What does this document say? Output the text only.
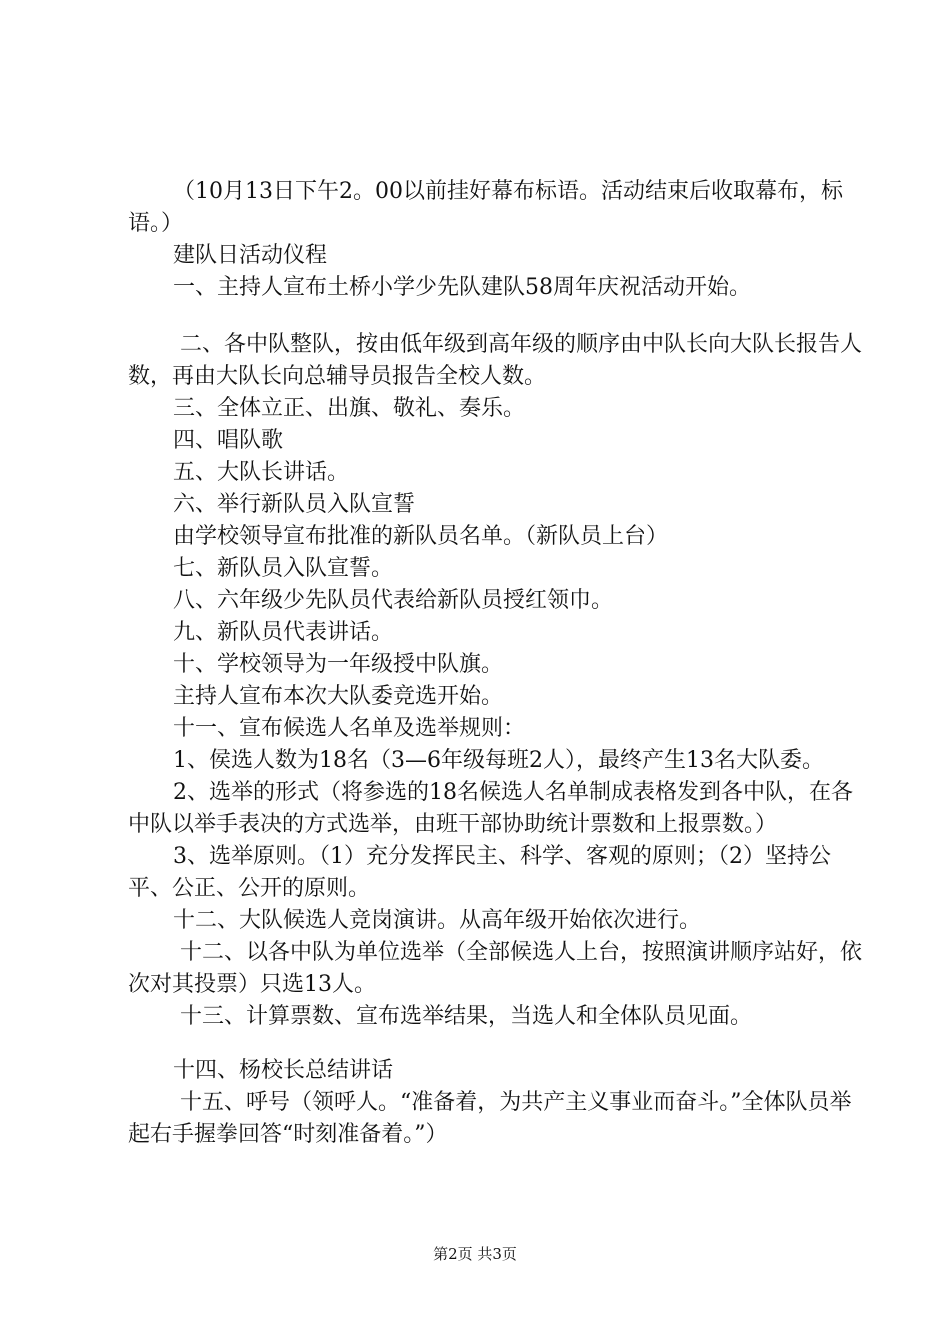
（10月13日下午2。00以前挂好幕布标语。活动结束后收取幕布，标语。）

建队日活动仪程

一、主持人宣布土桥小学少先队建队58周年庆祝活动开始。

二、各中队整队，按由低年级到高年级的顺序由中队长向大队长报告人数，再由大队长向总辅导员报告全校人数。

三、全体立正、出旗、敬礼、奏乐。

四、唱队歌

五、大队长讲话。

六、举行新队员入队宣誓

由学校领导宣布批准的新队员名单。（新队员上台）

七、新队员入队宣誓。

八、六年级少先队员代表给新队员授红领巾。

九、新队员代表讲话。

十、学校领导为一年级授中队旗。

主持人宣布本次大队委竞选开始。

十一、宣布候选人名单及选举规则：

1、侯选人数为18名（3—6年级每班2人），最终产生13名大队委。

2、选举的形式（将参选的18名候选人名单制成表格发到各中队，在各中队以举手表决的方式选举，由班干部协助统计票数和上报票数。）

3、选举原则。（1）充分发挥民主、科学、客观的原则；（2）坚持公平、公正、公开的原则。

十二、大队候选人竞岗演讲。从高年级开始依次进行。

十二、以各中队为单位选举（全部候选人上台，按照演讲顺序站好，依次对其投票）只选13人。

十三、计算票数、宣布选举结果，当选人和全体队员见面。

十四、杨校长总结讲话

十五、呼号（领呼人。“准备着，为共产主义事业而奋斗。”全体队员举起右手握拳回答“时刻准备着。”）

第2页 共3页
